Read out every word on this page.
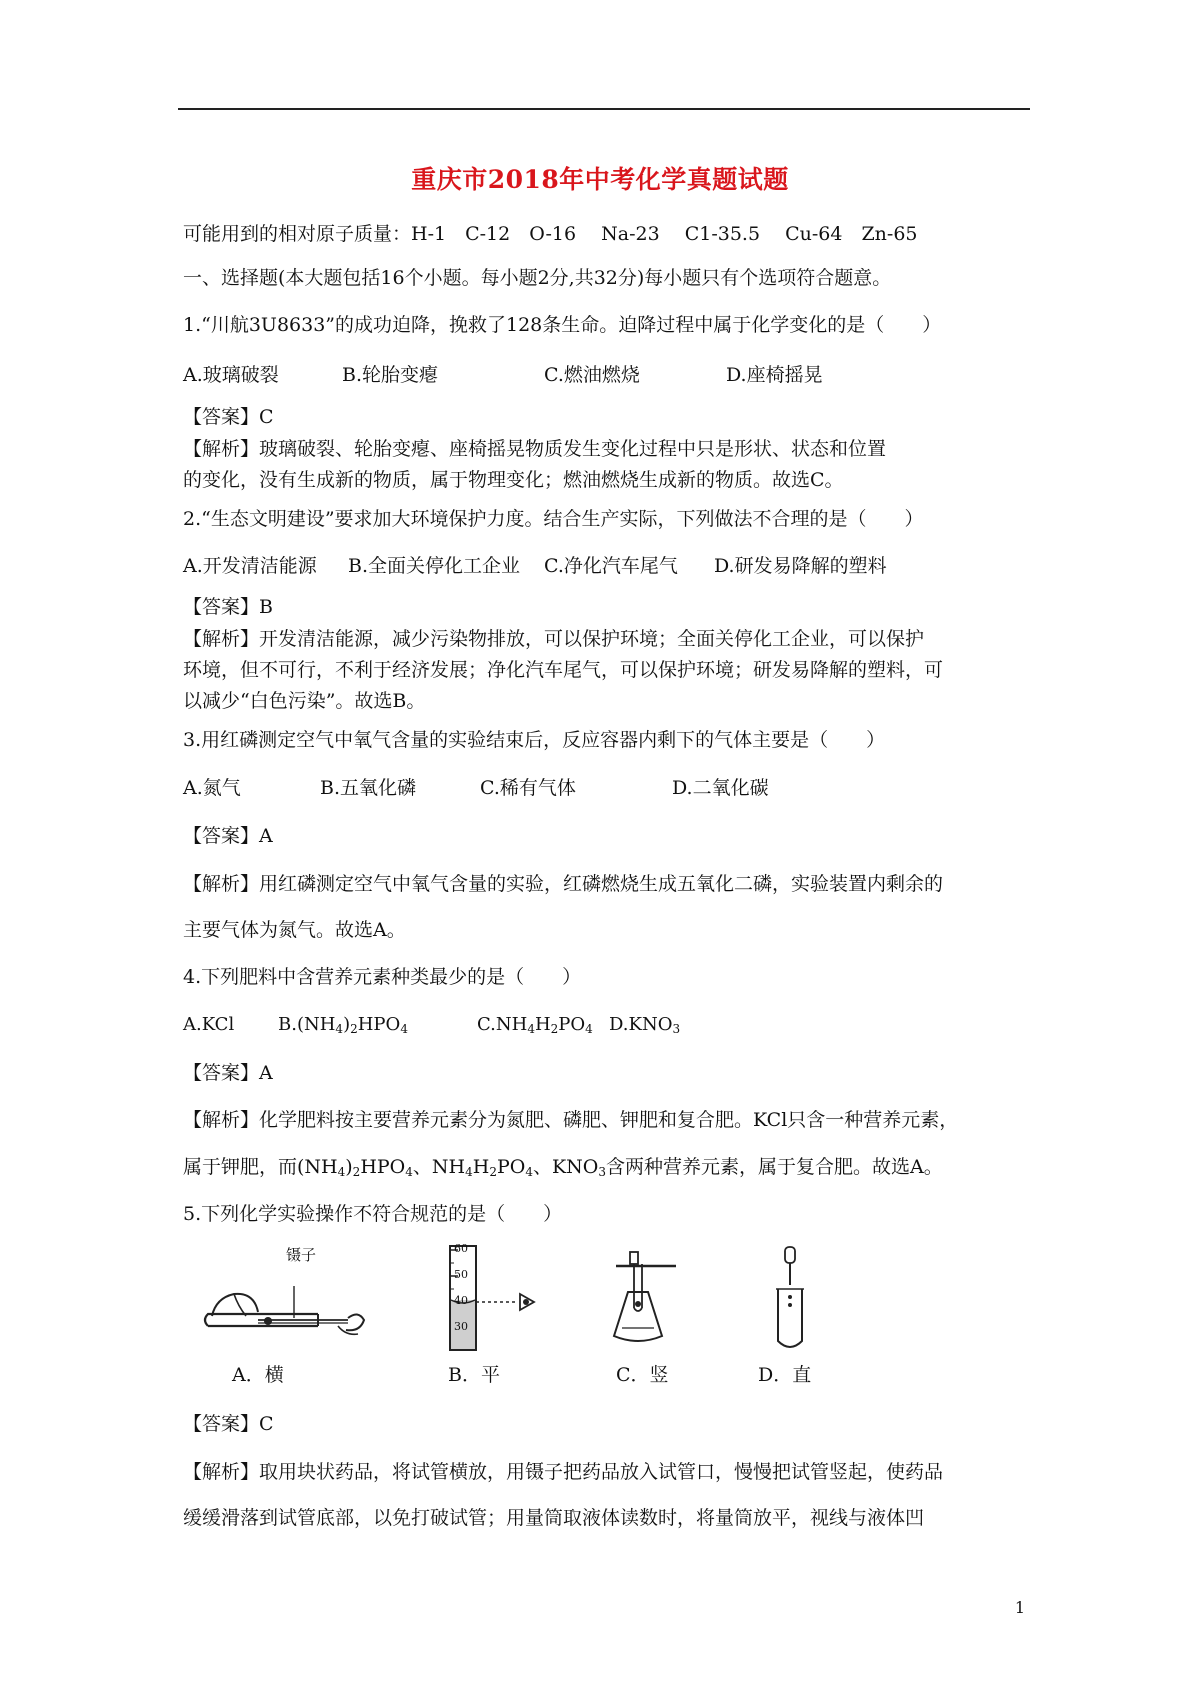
重庆市2018年中考化学真题试题
可能用到的相对原子质量：H-1　C-12　O-16　 Na-23　 C1-35.5　 Cu-64　Zn-65
一、选择题(本大题包括16个小题。每小题2分,共32分)每小题只有个选项符合题意。
1.“川航3U8633”的成功迫降，挽救了128条生命。迫降过程中属于化学变化的是（　　）
A.玻璃破裂	B.轮胎变瘪	C.燃油燃烧	D.座椅摇晃
【答案】C
【解析】玻璃破裂、轮胎变瘪、座椅摇晃物质发生变化过程中只是形状、状态和位置
的变化，没有生成新的物质，属于物理变化；燃油燃烧生成新的物质。故选C。
2.“生态文明建设”要求加大环境保护力度。结合生产实际，下列做法不合理的是（　　）
A.开发清洁能源 B.全面关停化工企业 C.净化汽车尾气 D.研发易降解的塑料
【答案】B
【解析】开发清洁能源，减少污染物排放，可以保护环境；全面关停化工企业，可以保护
环境，但不可行，不利于经济发展；净化汽车尾气，可以保护环境；研发易降解的塑料，可
以减少“白色污染”。故选B。
3.用红磷测定空气中氧气含量的实验结束后，反应容器内剩下的气体主要是（　　）
A.氮气	B.五氧化磷	C.稀有气体	D.二氧化碳
【答案】A
【解析】用红磷测定空气中氧气含量的实验，红磷燃烧生成五氧化二磷，实验装置内剩余的
主要气体为氮气。故选A。
4.下列肥料中含营养元素种类最少的是（　　）
A.KCl $B.(NH_4)_2HPO_4$	$C.NH_4H_2PO_4$ $D.KNO_3$
【答案】A
【解析】化学肥料按主要营养元素分为氮肥、磷肥、钾肥和复合肥。KCl只含一种营养元素，
属于钾肥，而$(NH_4)_2HPO_4$、$NH_4H_2PO_4$、$KNO_3$含两种营养元素，属于复合肥。故选A。
5.下列化学实验操作不符合规范的是（　　）
镊子
A．横
60
50
40
30
B．平	C．竖	D．直
【答案】C
【解析】取用块状药品，将试管横放，用镊子把药品放入试管口，慢慢把试管竖起，使药品
缓缓滑落到试管底部，以免打破试管；用量筒取液体读数时，将量筒放平，视线与液体凹
1
